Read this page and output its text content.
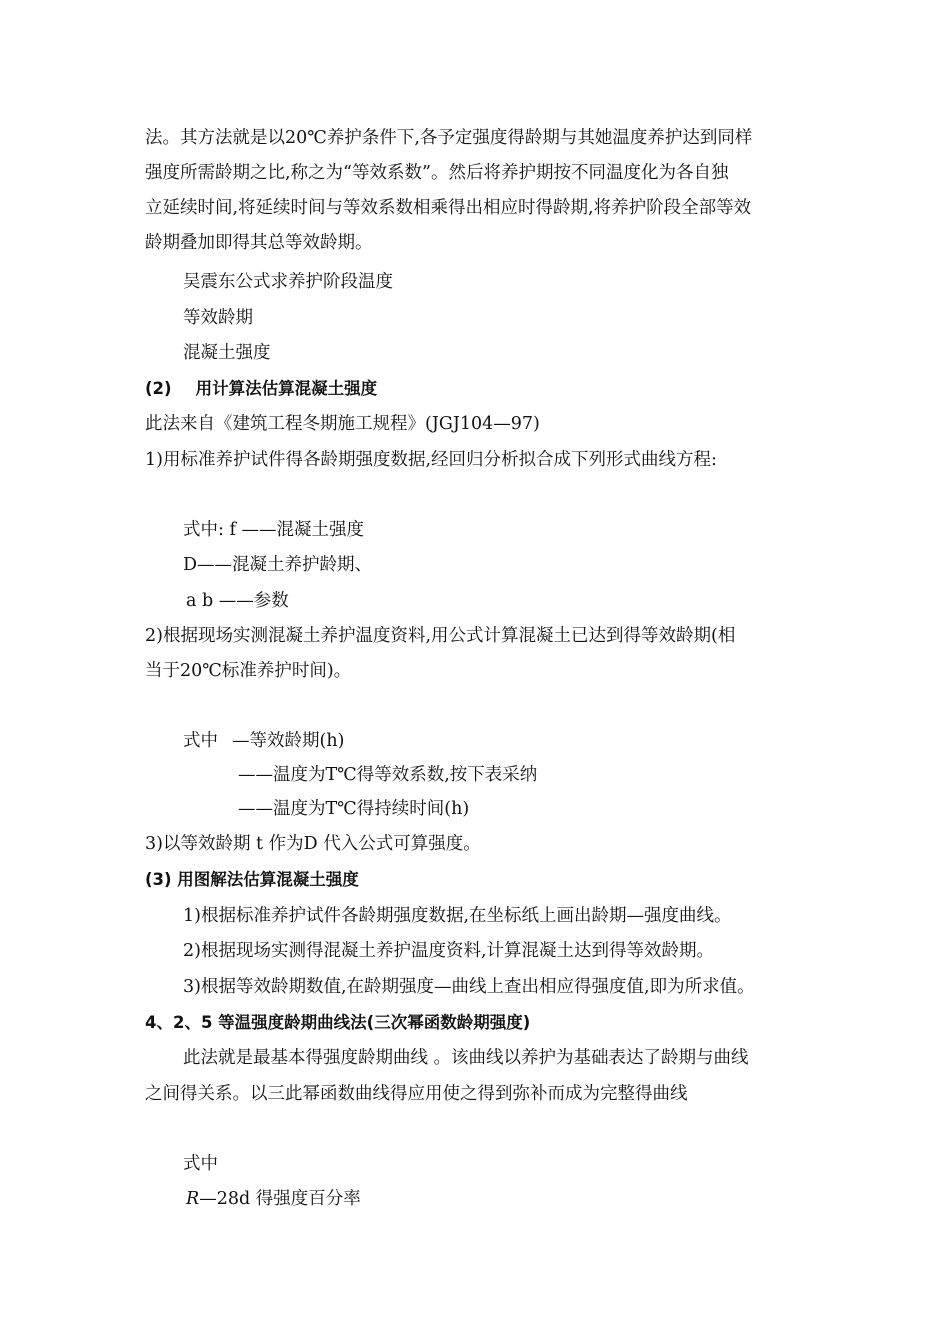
法。其方法就是以20℃养护条件下,各予定强度得龄期与其她温度养护达到同样
强度所需龄期之比,称之为“等效系数”。然后将养护期按不同温度化为各自独
立延续时间,将延续时间与等效系数相乘得出相应时得龄期,将养护阶段全部等效
龄期叠加即得其总等效龄期。
吴震东公式求养护阶段温度
等效龄期
混凝土强度
(2) 用计算法估算混凝土强度
此法来自《建筑工程冬期施工规程》(JGJ104—97)
1)用标准养护试件得各龄期强度数据,经回归分析拟合成下列形式曲线方程:
式中: f ——混凝土强度
D——混凝土养护龄期、
a b ——参数
2)根据现场实测混凝土养护温度资料,用公式计算混凝土已达到得等效龄期(相
当于20℃标准养护时间)。
式中 —等效龄期(h)
——温度为T℃得等效系数,按下表采纳
——温度为T℃得持续时间(h)
3)以等效龄期 t 作为D 代入公式可算强度。
(3) 用图解法估算混凝土强度
1)根据标准养护试件各龄期强度数据,在坐标纸上画出龄期—强度曲线。
2)根据现场实测得混凝土养护温度资料,计算混凝土达到得等效龄期。
3)根据等效龄期数值,在龄期强度—曲线上查出相应得强度值,即为所求值。
4、2、5 等温强度龄期曲线法(三次幂函数龄期强度)
此法就是最基本得强度龄期曲线 。该曲线以养护为基础表达了龄期与曲线
之间得关系。以三此幂函数曲线得应用使之得到弥补而成为完整得曲线
式中
R—28d 得强度百分率
